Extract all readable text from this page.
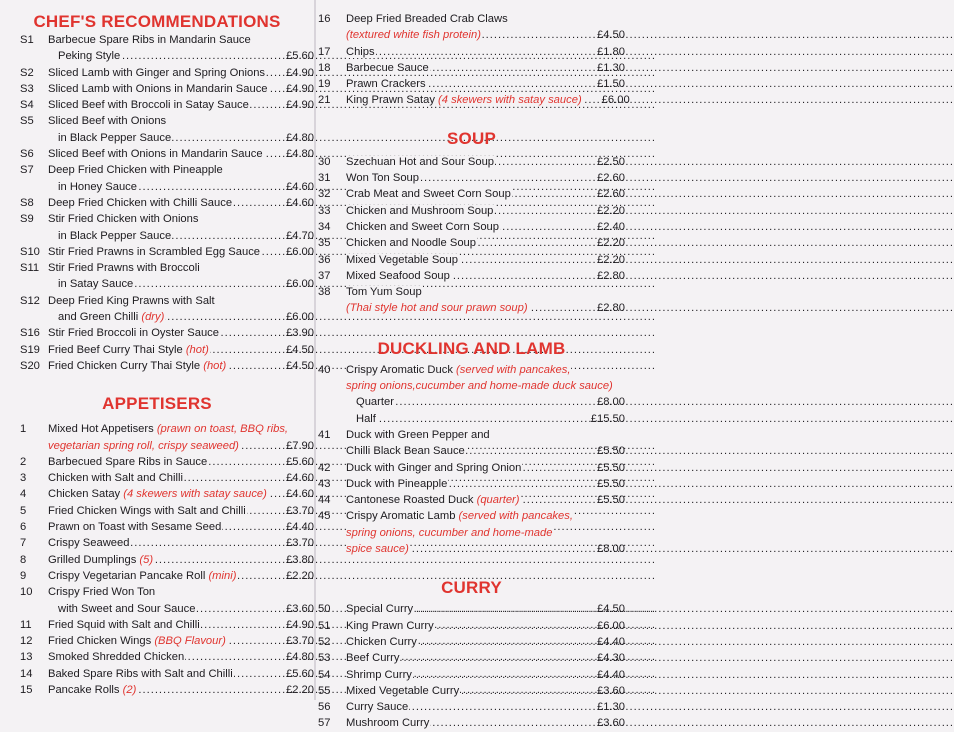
CHEF'S RECOMMENDATIONS
S1	Barbecue Spare Ribs in Mandarin Sauce
Peking Style .....	£5.60
S2	Sliced Lamb with Ginger and Spring Onions .....	£4.90
S3	Sliced Lamb with Onions in Mandarin Sauce .....	£4.90
S4	Sliced Beef with Broccoli in Satay Sauce .....	£4.90
S5	Sliced Beef with Onions
in Black Pepper Sauce .....	£4.80
S6	Sliced Beef with Onions in Mandarin Sauce .....	£4.80
S7	Deep Fried Chicken with Pineapple
in Honey Sauce .....	£4.60
S8	Deep Fried Chicken with Chilli Sauce .....	£4.60
S9	Stir Fried Chicken with Onions
in Black Pepper Sauce .....	£4.70
S10 Stir Fried Prawns in Scrambled Egg Sauce .....	£6.00
S11 Stir Fried Prawns with Broccoli
in Satay Sauce .....	£6.00
S12 Deep Fried King Prawns with Salt
and Green Chilli (dry) .....	£6.00
S16 Stir Fried Broccoli in Oyster Sauce .....	£3.90
S19 Fried Beef Curry Thai Style (hot) .....	£4.50
S20 Fried Chicken Curry Thai Style (hot) .....	£4.50
APPETISERS
1	Mixed Hot Appetisers (prawn on toast, BBQ ribs,
vegetarian spring roll, crispy seaweed) .....	£7.90
2	Barbecued Spare Ribs in Sauce .....	£5.60
3	Chicken with Salt and Chilli .....	£4.60
4	Chicken Satay (4 skewers with satay sauce) .....	£4.60
5	Fried Chicken Wings with Salt and Chilli .....	£3.70
6	Prawn on Toast with Sesame Seed .....	£4.40
7	Crispy Seaweed .....	£3.70
8	Grilled Dumplings (5) .....	£3.80
9	Crispy Vegetarian Pancake Roll (mini) .....	£2.20
10	Crispy Fried Won Ton
with Sweet and Sour Sauce .....	£3.60
11	Fried Squid with Salt and Chilli .....	£4.90
12	Fried Chicken Wings (BBQ Flavour) .....	£3.70
13	Smoked Shredded Chicken .....	£4.80
14	Baked Spare Ribs with Salt and Chilli .....	£5.60
15	Pancake Rolls (2) .....	£2.20
16	Deep Fried Breaded Crab Claws
(textured white fish protein) .....	£4.50
17	Chips .....	£1.80
18	Barbecue Sauce .....	£1.30
19	Prawn Crackers .....	£1.50
21	King Prawn Satay (4 skewers with satay sauce) .....	£6.00
SOUP
30	Szechuan Hot and Sour Soup .....	£2.50
31	Won Ton Soup .....	£2.60
32	Crab Meat and Sweet Corn Soup .....	£2.60
33	Chicken and Mushroom Soup .....	£2.20
34	Chicken and Sweet Corn Soup .....	£2.40
35	Chicken and Noodle Soup .....	£2.20
36	Mixed Vegetable Soup .....	£2.20
37	Mixed Seafood Soup .....	£2.80
38	Tom Yum Soup
(Thai style hot and sour prawn soup) .....	£2.80
DUCKLING AND LAMB
40	Crispy Aromatic Duck (served with pancakes,
spring onions,cucumber and home-made duck sauce)
Quarter .....	£8.00
Half .....	£15.50
41	Duck with Green Pepper and
Chilli Black Bean Sauce .....	£5.50
42	Duck with Ginger and Spring Onion .....	£5.50
43	Duck with Pineapple .....	£5.50
44	Cantonese Roasted Duck (quarter) .....	£5.50
45	Crispy Aromatic Lamb (served with pancakes,
spring onions, cucumber and home-made
spice sauce) .....	£8.00
CURRY
50	Special Curry .....	£4.50
51	King Prawn Curry .....	£6.00
52	Chicken Curry .....	£4.40
53	Beef Curry .....	£4.30
54	Shrimp Curry .....	£4.40
55	Mixed Vegetable Curry .....	£3.60
56	Curry Sauce .....	£1.30
57	Mushroom Curry .....	£3.60
